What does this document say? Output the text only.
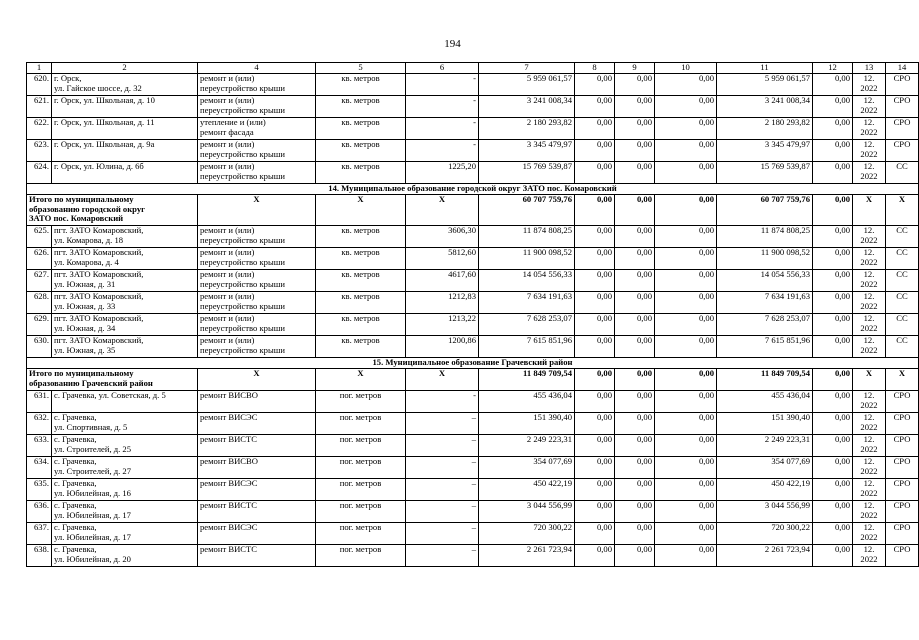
194
1	2	4	5	6	7	8	9	10	11	12	13	14
620.	г. Орск,
ул. Гайское шоссе, д. 32	ремонт и (или)
переустройство крыши	кв. метров	-	5 959 061,57	0,00	0,00	0,00	5 959 061,57	0,00	12.
2022	СРО
621.	г. Орск, ул. Школьная, д. 10	ремонт и (или)
переустройство крыши	кв. метров	-	3 241 008,34	0,00	0,00	0,00	3 241 008,34	0,00	12.
2022	СРО
622.	г. Орск, ул. Школьная, д. 11	утепление и (или)
ремонт фасада	кв. метров	-	2 180 293,82	0,00	0,00	0,00	2 180 293,82	0,00	12.
2022	СРО
623.	г. Орск, ул. Школьная, д. 9а	ремонт и (или)
переустройство крыши	кв. метров	-	3 345 479,97	0,00	0,00	0,00	3 345 479,97	0,00	12.
2022	СРО
624.	г. Орск, ул. Юлина, д. 6б	ремонт и (или)
переустройство крыши	кв. метров	1225,20	15 769 539,87	0,00	0,00	0,00	15 769 539,87	0,00	12.
2022	СС
14. Муниципальное образование городской округ ЗАТО пос. Комаровский												
Итого по муниципальному
образованию городской округ
ЗАТО пос. Комаровский		Х	Х	Х	60 707 759,76	0,00	0,00	0,00	60 707 759,76	0,00	Х	Х
625.	пгт. ЗАТО Комаровский,
ул. Комарова, д. 18	ремонт и (или)
переустройство крыши	кв. метров	3606,30	11 874 808,25	0,00	0,00	0,00	11 874 808,25	0,00	12.
2022	СС
626.	пгт. ЗАТО Комаровский,
ул. Комарова, д. 4	ремонт и (или)
переустройство крыши	кв. метров	5812,60	11 900 098,52	0,00	0,00	0,00	11 900 098,52	0,00	12.
2022	СС
627.	пгт. ЗАТО Комаровский,
ул. Южная, д. 31	ремонт и (или)
переустройство крыши	кв. метров	4617,60	14 054 556,33	0,00	0,00	0,00	14 054 556,33	0,00	12.
2022	СС
628.	пгт. ЗАТО Комаровский,
ул. Южная, д. 33	ремонт и (или)
переустройство крыши	кв. метров	1212,83	7 634 191,63	0,00	0,00	0,00	7 634 191,63	0,00	12.
2022	СС
629.	пгт. ЗАТО Комаровский,
ул. Южная, д. 34	ремонт и (или)
переустройство крыши	кв. метров	1213,22	7 628 253,07	0,00	0,00	0,00	7 628 253,07	0,00	12.
2022	СС
630.	пгт. ЗАТО Комаровский,
ул. Южная, д. 35	ремонт и (или)
переустройство крыши	кв. метров	1200,86	7 615 851,96	0,00	0,00	0,00	7 615 851,96	0,00	12.
2022	СС
15. Муниципальное образование Грачевский район												
Итого по муниципальному
образованию Грачевский район		Х	Х	Х	11 849 709,54	0,00	0,00	0,00	11 849 709,54	0,00	Х	Х
631.	с. Грачевка, ул. Советская, д. 5	ремонт ВИСВО	пог. метров	-	455 436,04	0,00	0,00	0,00	455 436,04	0,00	12.
2022	СРО
632.	с. Грачевка,
ул. Спортивная, д. 5	ремонт ВИСЭС	пог. метров	–	151 390,40	0,00	0,00	0,00	151 390,40	0,00	12.
2022	СРО
633.	с. Грачевка,
ул. Строителей, д. 25	ремонт ВИСТС	пог. метров	–	2 249 223,31	0,00	0,00	0,00	2 249 223,31	0,00	12.
2022	СРО
634.	с. Грачевка,
ул. Строителей, д. 27	ремонт ВИСВО	пог. метров	–	354 077,69	0,00	0,00	0,00	354 077,69	0,00	12.
2022	СРО
635.	с. Грачевка,
ул. Юбилейная, д. 16	ремонт ВИСЭС	пог. метров	–	450 422,19	0,00	0,00	0,00	450 422,19	0,00	12.
2022	СРО
636.	с. Грачевка,
ул. Юбилейная, д. 17	ремонт ВИСТС	пог. метров	–	3 044 556,99	0,00	0,00	0,00	3 044 556,99	0,00	12.
2022	СРО
637.	с. Грачевка,
ул. Юбилейная, д. 17	ремонт ВИСЭС	пог. метров	–	720 300,22	0,00	0,00	0,00	720 300,22	0,00	12.
2022	СРО
638.	с. Грачевка,
ул. Юбилейная, д. 20	ремонт ВИСТС	пог. метров	–	2 261 723,94	0,00	0,00	0,00	2 261 723,94	0,00	12.
2022	СРО
